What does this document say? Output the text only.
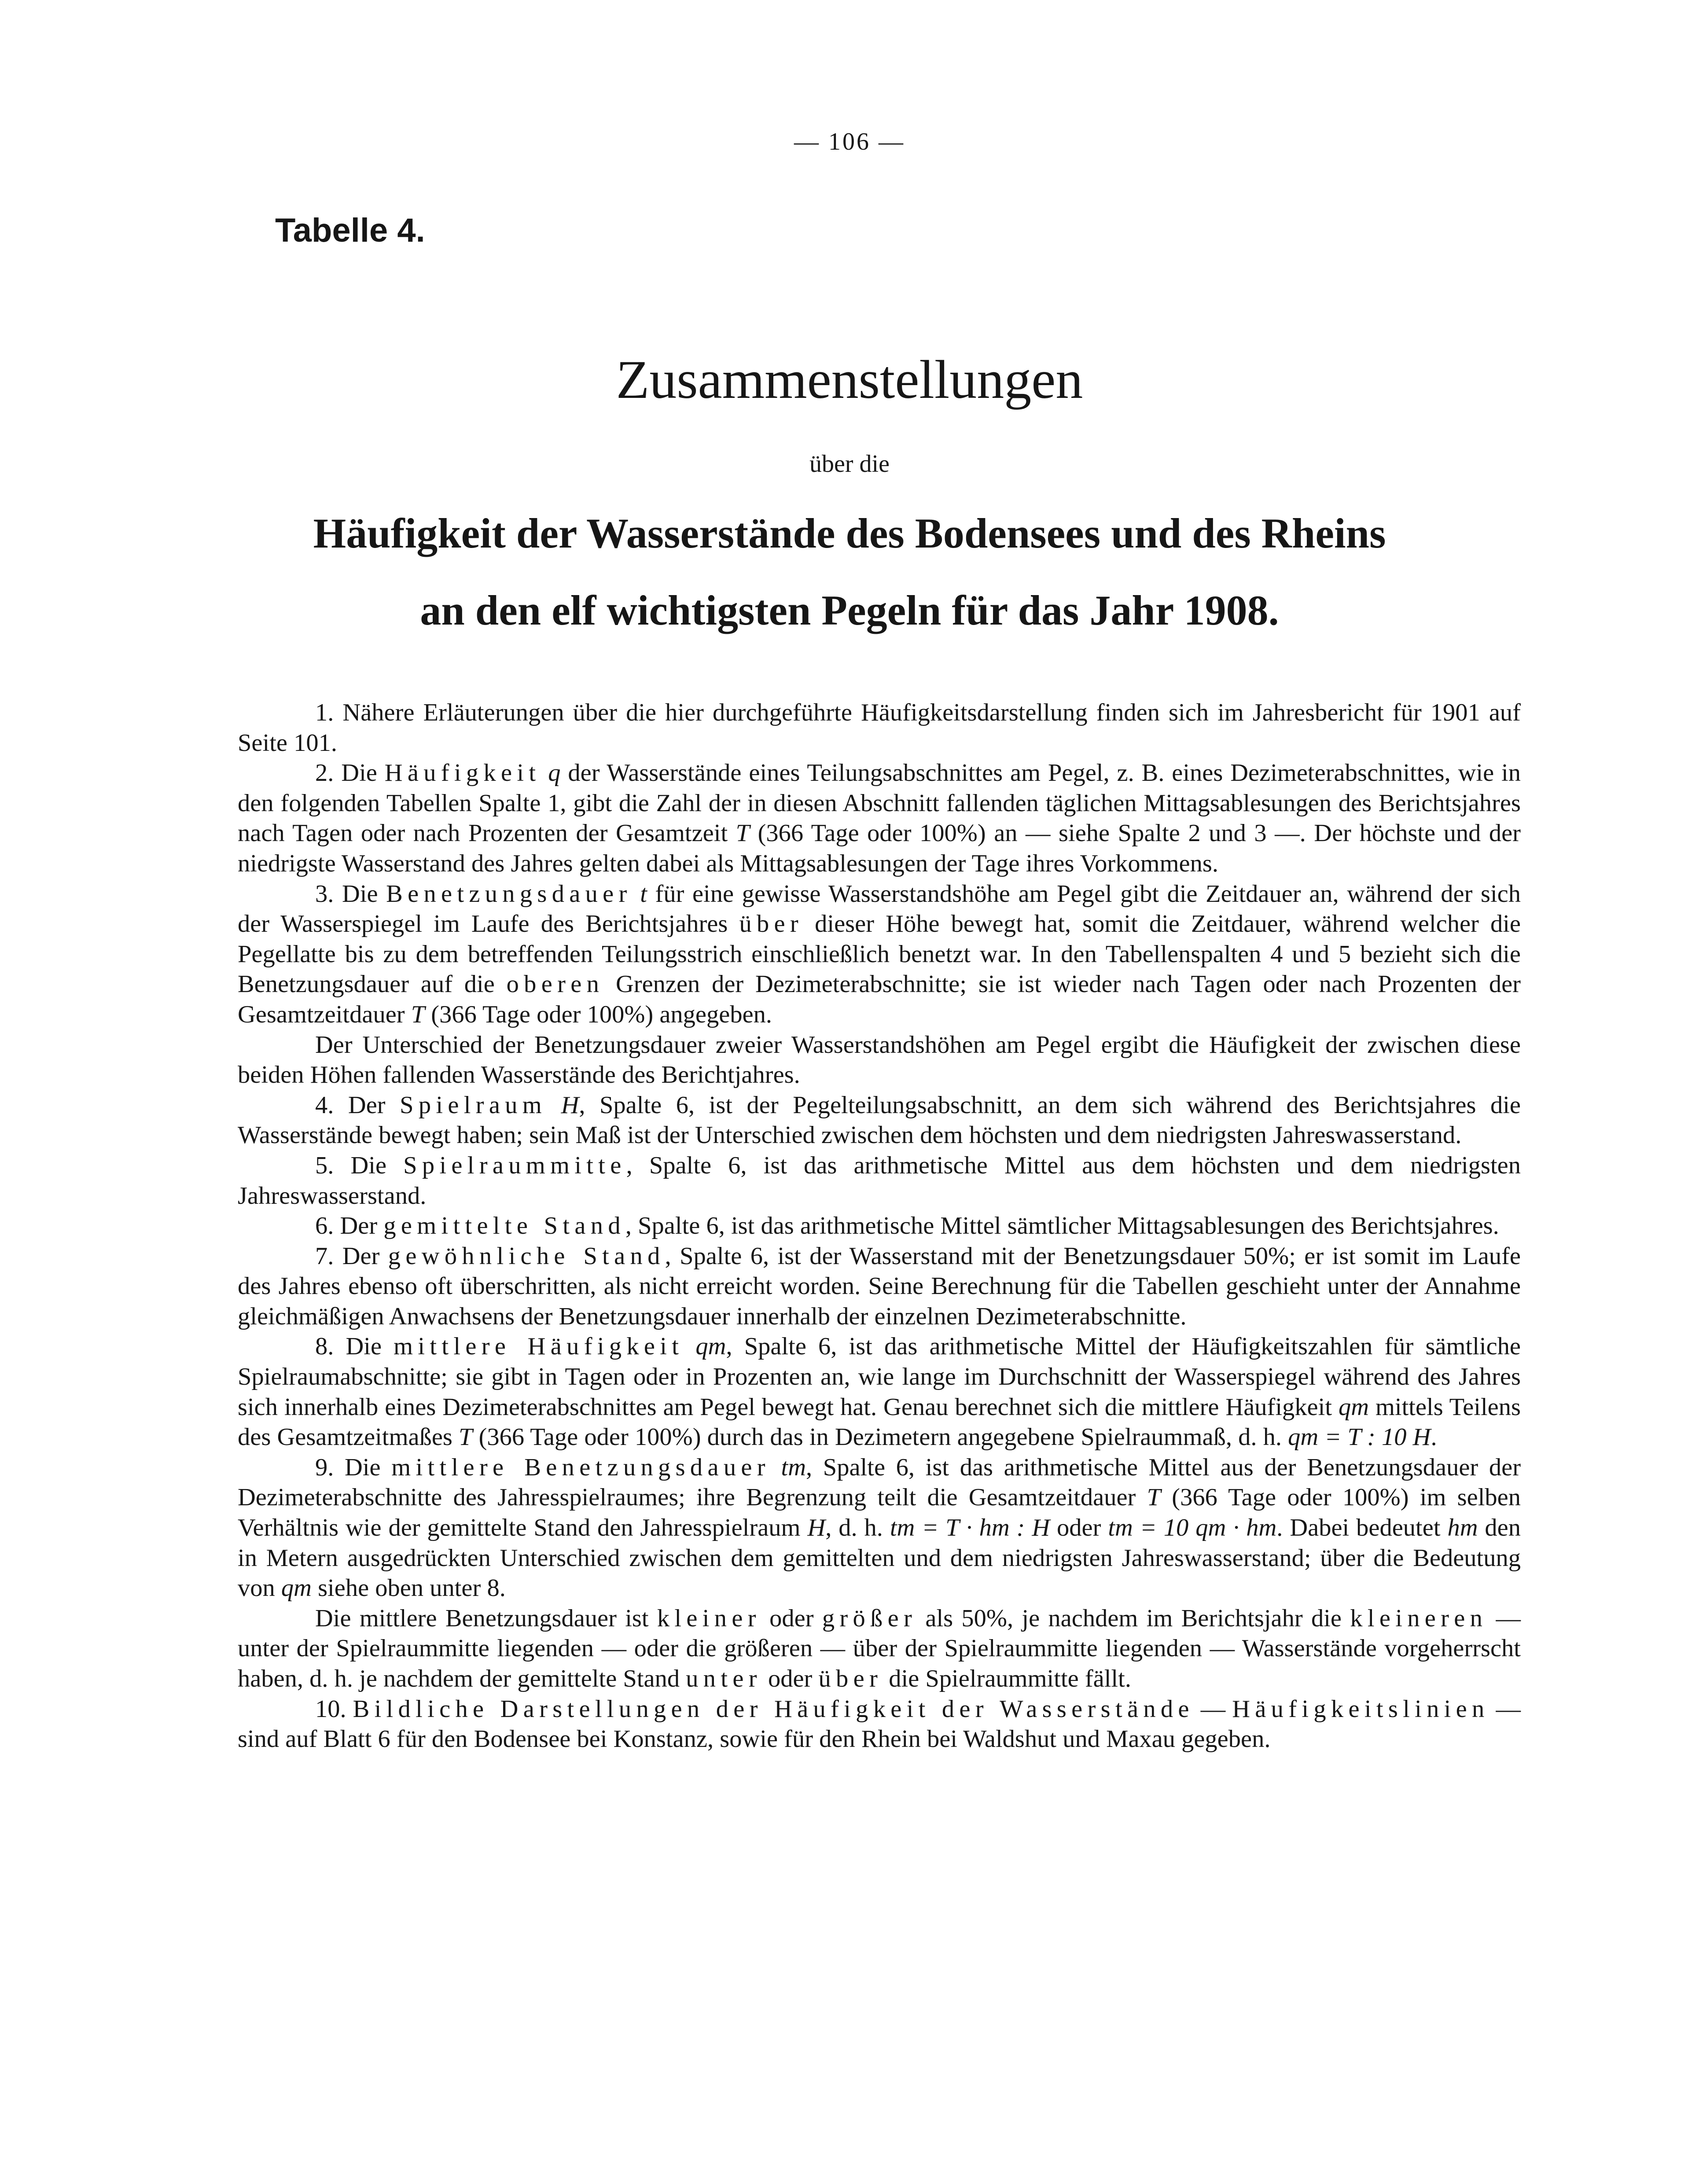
— 106 —
Tabelle 4.
Zusammenstellungen
über die
Häufigkeit der Wasserstände des Bodensees und des Rheins
an den elf wichtigsten Pegeln für das Jahr 1908.

1. Nähere Erläuterungen über die hier durchgeführte Häufigkeitsdarstellung finden sich im Jahresbericht für 1901 auf Seite 101.

2. Die Häufigkeit q der Wasserstände eines Teilungsabschnittes am Pegel, z. B. eines Dezimeterabschnittes, wie in den folgenden Tabellen Spalte 1, gibt die Zahl der in diesen Abschnitt fallenden täglichen Mittagsablesungen des Berichtsjahres nach Tagen oder nach Prozenten der Gesamtzeit T (366 Tage oder 100%) an — siehe Spalte 2 und 3 —. Der höchste und der niedrigste Wasserstand des Jahres gelten dabei als Mittagsablesungen der Tage ihres Vorkommens.

3. Die Benetzungsdauer t für eine gewisse Wasserstandshöhe am Pegel gibt die Zeitdauer an, während der sich der Wasserspiegel im Laufe des Berichtsjahres über dieser Höhe bewegt hat, somit die Zeitdauer, während welcher die Pegellatte bis zu dem betreffenden Teilungsstrich einschließlich benetzt war. In den Tabellenspalten 4 und 5 bezieht sich die Benetzungsdauer auf die oberen Grenzen der Dezimeterabschnitte; sie ist wieder nach Tagen oder nach Prozenten der Gesamtzeitdauer T (366 Tage oder 100%) angegeben.

Der Unterschied der Benetzungsdauer zweier Wasserstandshöhen am Pegel ergibt die Häufigkeit der zwischen diese beiden Höhen fallenden Wasserstände des Berichtjahres.

4. Der Spielraum H, Spalte 6, ist der Pegelteilungsabschnitt, an dem sich während des Berichtsjahres die Wasserstände bewegt haben; sein Maß ist der Unterschied zwischen dem höchsten und dem niedrigsten Jahreswasserstand.

5. Die Spielraummitte, Spalte 6, ist das arithmetische Mittel aus dem höchsten und dem niedrigsten Jahreswasserstand.

6. Der gemittelte Stand, Spalte 6, ist das arithmetische Mittel sämtlicher Mittagsablesungen des Berichtsjahres.

7. Der gewöhnliche Stand, Spalte 6, ist der Wasserstand mit der Benetzungsdauer 50%; er ist somit im Laufe des Jahres ebenso oft überschritten, als nicht erreicht worden. Seine Berechnung für die Tabellen geschieht unter der Annahme gleichmäßigen Anwachsens der Benetzungsdauer innerhalb der einzelnen Dezimeterabschnitte.

8. Die mittlere Häufigkeit qm, Spalte 6, ist das arithmetische Mittel der Häufigkeitszahlen für sämtliche Spielraumabschnitte; sie gibt in Tagen oder in Prozenten an, wie lange im Durchschnitt der Wasserspiegel während des Jahres sich innerhalb eines Dezimeterabschnittes am Pegel bewegt hat. Genau berechnet sich die mittlere Häufigkeit qm mittels Teilens des Gesamtzeitmaßes T (366 Tage oder 100%) durch das in Dezimetern angegebene Spielraummaß, d. h. qm = T : 10 H.

9. Die mittlere Benetzungsdauer tm, Spalte 6, ist das arithmetische Mittel aus der Benetzungsdauer der Dezimeterabschnitte des Jahresspielraumes; ihre Begrenzung teilt die Gesamtzeitdauer T (366 Tage oder 100%) im selben Verhältnis wie der gemittelte Stand den Jahresspielraum H, d. h. tm = T · hm : H oder tm = 10 qm · hm. Dabei bedeutet hm den in Metern ausgedrückten Unterschied zwischen dem gemittelten und dem niedrigsten Jahreswasserstand; über die Bedeutung von qm siehe oben unter 8.

Die mittlere Benetzungsdauer ist kleiner oder größer als 50%, je nachdem im Berichtsjahr die kleineren — unter der Spielraummitte liegenden — oder die größeren — über der Spielraummitte liegenden — Wasserstände vorgeherrscht haben, d. h. je nachdem der gemittelte Stand unter oder über die Spielraummitte fällt.

10. Bildliche Darstellungen der Häufigkeit der Wasserstände — Häufigkeitslinien — sind auf Blatt 6 für den Bodensee bei Konstanz, sowie für den Rhein bei Waldshut und Maxau gegeben.
